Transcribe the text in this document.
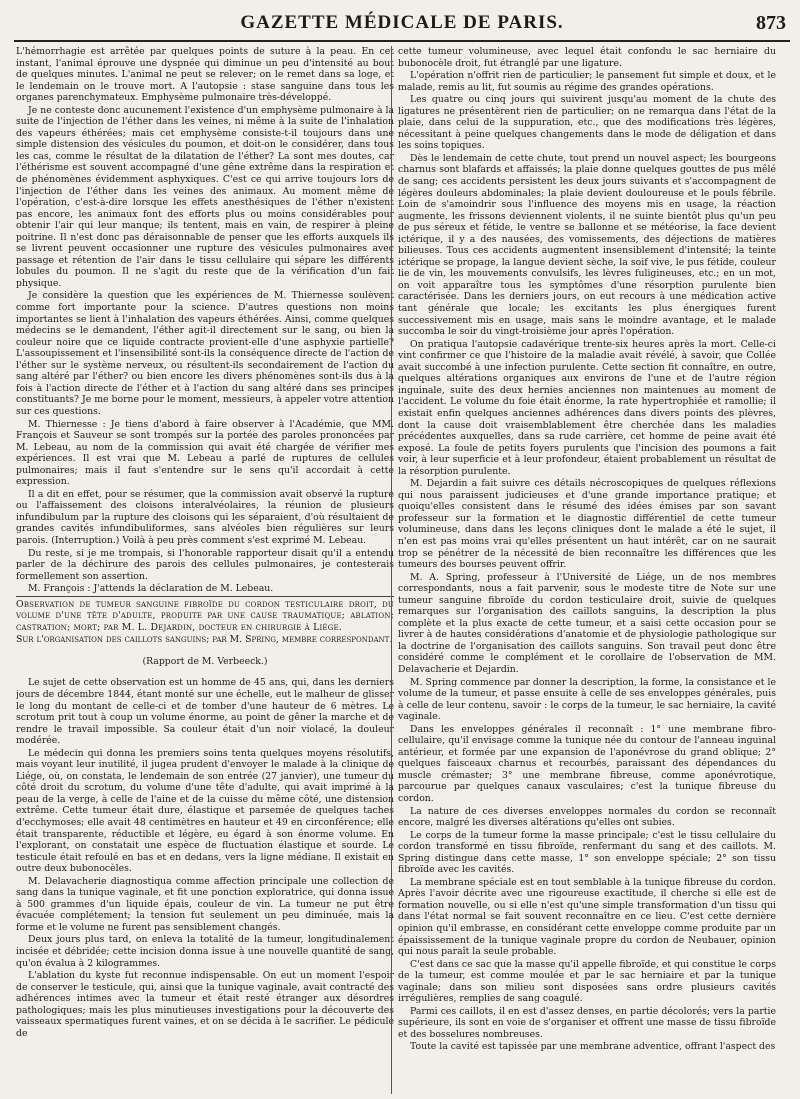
GAZETTE MÉDICALE DE PARIS.	873

L'hémorrhagie est arrêtée par quelques points de suture à la peau. En cet instant, l'animal éprouve une dyspnée qui diminue un peu d'intensité au bout de quelques minutes. L'animal ne peut se relever; on le remet dans sa loge, et le lendemain on le trouve mort. A l'autopsie : stase sanguine dans tous les organes parenchymateux. Emphysème pulmonaire très-développé.

Je ne conteste donc aucunement l'existence d'un emphysème pulmonaire à la suite de l'injection de l'éther dans les veines, ni même à la suite de l'inhalation des vapeurs éthérées; mais cet emphysème consiste-t-il toujours dans une simple distension des vésicules du poumon, et doit-on le considérer, dans tous les cas, comme le résultat de la dilatation de l'éther? La sont mes doutes, car l'éthérisme est souvent accompagné d'une gêne extrême dans la respiration et de phénomènes évidemment asphyxiques. C'est ce qui arrive toujours lors de l'injection de l'éther dans les veines des animaux. Au moment même de l'opération, c'est-à-dire lorsque les effets anesthésiques de l'éther n'existent pas encore, les animaux font des efforts plus ou moins considérables pour obtenir l'air qui leur manque; ils tentent, mais en vain, de respirer à pleine poitrine. Il n'est donc pas déraisonnable de penser que les efforts auxquels ils se livrent peuvent occasionner une rupture des vésicules pulmonaires avec passage et rétention de l'air dans le tissu cellulaire qui sépare les différents lobules du poumon. Il ne s'agit du reste que de la vérification d'un fait physique.

Je considère la question que les expériences de M. Thiernesse soulèvent comme fort importante pour la science. D'autres questions non moins importantes se lient à l'inhalation des vapeurs éthérées. Ainsi, comme quelques médecins se le demandent, l'éther agit-il directement sur le sang, ou bien la couleur noire que ce liquide contracte provient-elle d'une asphyxie partielle? L'assoupissement et l'insensibilité sont-ils la conséquence directe de l'action de l'éther sur le système nerveux, ou résultent-ils secondairement de l'action du sang altéré par l'éther? ou bien encore les divers phénomènes sont-ils dus à la fois à l'action directe de l'éther et à l'action du sang altéré dans ses principes constituants? Je me borne pour le moment, messieurs, à appeler votre attention sur ces questions.

M. Thiernesse : Je tiens d'abord à faire observer à l'Académie, que MM. François et Sauveur se sont trompés sur la portée des paroles prononcées par M. Lebeau, au nom de la commission qui avait été chargée de vérifier mes expériences. Il est vrai que M. Lebeau a parlé de ruptures de cellules pulmonaires; mais il faut s'entendre sur le sens qu'il accordait à cette expression.

Il a dit en effet, pour se résumer, que la commission avait observé la rupture ou l'affaissement des cloisons interalvéolaires, la réunion de plusieurs infundibulum par la rupture des cloisons qui les séparaient, d'où résultaient de grandes cavités infundibuliformes, sans alvéoles bien régulières sur leurs parois. (Interruption.) Voilà à peu près comment s'est exprimé M. Lebeau.

Du reste, si je me trompais, si l'honorable rapporteur disait qu'il a entendu parler de la déchirure des parois des cellules pulmonaires, je contesterais formellement son assertion.

M. François : J'attends la déclaration de M. Lebeau.

Observation de tumeur sanguine fibroïde du cordon testiculaire droit, du volume d'une tête d'adulte, produite par une cause traumatique; ablation; castration; mort; par M. L. Dejardin, docteur en chirurgie à Liége.

Sur l'organisation des caillots sanguins; par M. Spring, membre correspondant.

(Rapport de M. Verbeeck.)

Le sujet de cette observation est un homme de 45 ans, qui, dans les derniers jours de décembre 1844, étant monté sur une échelle, eut le malheur de glisser le long du montant de celle-ci et de tomber d'une hauteur de 6 mètres. Le scrotum prit tout à coup un volume énorme, au point de gêner la marche et de rendre le travail impossible. Sa couleur était d'un noir violacé, la douleur modérée.

Le médecin qui donna les premiers soins tenta quelques moyens résolutifs, mais voyant leur inutilité, il jugea prudent d'envoyer le malade à la clinique de Liége, où, on constata, le lendemain de son entrée (27 janvier), une tumeur du côté droit du scrotum, du volume d'une tête d'adulte, qui avait imprimé à la peau de la verge, à celle de l'aine et de la cuisse du même côté, une distension extrême. Cette tumeur était dure, élastique et parsemée de quelques taches d'ecchymoses; elle avait 48 centimètres en hauteur et 49 en circonférence; elle était transparente, réductible et légère, eu égard à son énorme volume. En l'explorant, on constatait une espèce de fluctuation élastique et sourde. Le testicule était refoulé en bas et en dedans, vers la ligne médiane. Il existait en outre deux bubonocèles.

M. Delavacherie diagnostiqua comme affection principale une collection de sang dans la tunique vaginale, et fit une ponction exploratrice, qui donna issue à 500 grammes d'un liquide épais, couleur de vin. La tumeur ne put être évacuée complétement; la tension fut seulement un peu diminuée, mais la forme et le volume ne furent pas sensiblement changés.

Deux jours plus tard, on enleva la totalité de la tumeur, longitudinalement incisée et débridée; cette incision donna issue à une nouvelle quantité de sang, qu'on évalua à 2 kilogrammes.

L'ablation du kyste fut reconnue indispensable. On eut un moment l'espoir de conserver le testicule, qui, ainsi que la tunique vaginale, avait contracté des adhérences intimes avec la tumeur et était resté étranger aux désordres pathologiques; mais les plus minutieuses investigations pour la découverte des vaisseaux spermatiques furent vaines, et on se décida à le sacrifier. Le pédicule de

cette tumeur volumineuse, avec lequel était confondu le sac herniaire du bubonocèle droit, fut étranglé par une ligature.

L'opération n'offrit rien de particulier; le pansement fut simple et doux, et le malade, remis au lit, fut soumis au régime des grandes opérations.

Les quatre ou cinq jours qui suivirent jusqu'au moment de la chute des ligatures ne présentèrent rien de particulier; on ne remarqua dans l'état de la plaie, dans celui de la suppuration, etc., que des modifications très légères, nécessitant à peine quelques changements dans le mode de déligation et dans les soins topiques.

Dès le lendemain de cette chute, tout prend un nouvel aspect; les bourgeons charnus sont blafards et affaissés; la plaie donne quelques gouttes de pus mêlé de sang; ces accidents persistent les deux jours suivants et s'accompagnent de légères douleurs abdominales; la plaie devient douloureuse et le pouls fébrile. Loin de s'amoindrir sous l'influence des moyens mis en usage, la réaction augmente, les frissons deviennent violents, il ne suinte bientôt plus qu'un peu de pus séreux et fétide, le ventre se ballonne et se météorise, la face devient ictérique, il y a des nausées, des vomissements, des déjections de matières bilieuses. Tous ces accidents augmentent insensiblement d'intensité; la teinte ictérique se propage, la langue devient sèche, la soif vive, le pus fétide, couleur lie de vin, les mouvements convulsifs, les lèvres fuligineuses, etc.; en un mot, on voit apparaître tous les symptômes d'une résorption purulente bien caractérisée. Dans les derniers jours, on eut recours à une médication active tant générale que locale; les excitants les plus énergiques furent successivement mis en usage, mais sans le moindre avantage, et le malade succomba le soir du vingt-troisième jour après l'opération.

On pratiqua l'autopsie cadavérique trente-six heures après la mort. Celle-ci vint confirmer ce que l'histoire de la maladie avait révélé, à savoir, que Collée avait succombé à une infection purulente. Cette section fit connaître, en outre, quelques altérations organiques aux environs de l'une et de l'autre région inguinale, suite des deux hernies anciennes non maintenues au moment de l'accident. Le volume du foie était énorme, la rate hypertrophiée et ramollie; il existait enfin quelques anciennes adhérences dans divers points des plèvres, dont la cause doit vraisemblablement être cherchée dans les maladies précédentes auxquelles, dans sa rude carrière, cet homme de peine avait été exposé. La foule de petits foyers purulents que l'incision des poumons a fait voir, à leur superficie et à leur profondeur, étaient probablement un résultat de la résorption purulente.

M. Dejardin a fait suivre ces détails nécroscopiques de quelques réflexions qui nous paraissent judicieuses et d'une grande importance pratique; et quoiqu'elles consistent dans le résumé des idées émises par son savant professeur sur la formation et le diagnostic différentiel de cette tumeur volumineuse, dans dans les leçons cliniques dont le malade a été le sujet, il n'en est pas moins vrai qu'elles présentent un haut intérêt, car on ne saurait trop se pénétrer de la nécessité de bien reconnaître les différences que les tumeurs des bourses peuvent offrir.

M. A. Spring, professeur à l'Université de Liége, un de nos membres correspondants, nous a fait parvenir, sous le modeste titre de Note sur une tumeur sanguine fibroïde du cordon testiculaire droit, suivie de quelques remarques sur l'organisation des caillots sanguins, la description la plus complète et la plus exacte de cette tumeur, et a saisi cette occasion pour se livrer à de hautes considérations d'anatomie et de physiologie pathologique sur la doctrine de l'organisation des caillots sanguins. Son travail peut donc être considéré comme le complément et le corollaire de l'observation de MM. Delavacherie et Dejardin.

M. Spring commence par donner la description, la forme, la consistance et le volume de la tumeur, et passe ensuite à celle de ses enveloppes générales, puis à celle de leur contenu, savoir : le corps de la tumeur, le sac herniaire, la cavité vaginale.

Dans les enveloppes générales il reconnaît : 1° une membrane fibro-cellulaire, qu'il envisage comme la tunique née du contour de l'anneau inguinal antérieur, et formée par une expansion de l'aponévrose du grand oblique; 2° quelques faisceaux charnus et recourbés, paraissant des dépendances du muscle crémaster; 3° une membrane fibreuse, comme aponévrotique, parcourue par quelques canaux vasculaires; c'est la tunique fibreuse du cordon.

La nature de ces diverses enveloppes normales du cordon se reconnaît encore, malgré les diverses altérations qu'elles ont subies.

Le corps de la tumeur forme la masse principale; c'est le tissu cellulaire du cordon transformé en tissu fibroïde, renfermant du sang et des caillots. M. Spring distingue dans cette masse, 1° son enveloppe spéciale; 2° son tissu fibroïde avec les cavités.

La membrane spéciale est en tout semblable à la tunique fibreuse du cordon. Après l'avoir décrite avec une rigoureuse exactitude, il cherche si elle est de formation nouvelle, ou si elle n'est qu'une simple transformation d'un tissu qui dans l'état normal se fait souvent reconnaître en ce lieu. C'est cette dernière opinion qu'il embrasse, en considérant cette enveloppe comme produite par un épaississement de la tunique vaginale propre du cordon de Neubauer, opinion qui nous paraît la seule probable.

C'est dans ce sac que la masse qu'il appelle fibroïde, et qui constitue le corps de la tumeur, est comme moulée et par le sac herniaire et par la tunique vaginale; dans son milieu sont disposées sans ordre plusieurs cavités irrégulières, remplies de sang coagulé.

Parmi ces caillots, il en est d'assez denses, en partie décolorés; vers la partie supérieure, ils sont en voie de s'organiser et offrent une masse de tissu fibroïde et des bosselures nombreuses.

Toute la cavité est tapissée par une membrane adventice, offrant l'aspect des
